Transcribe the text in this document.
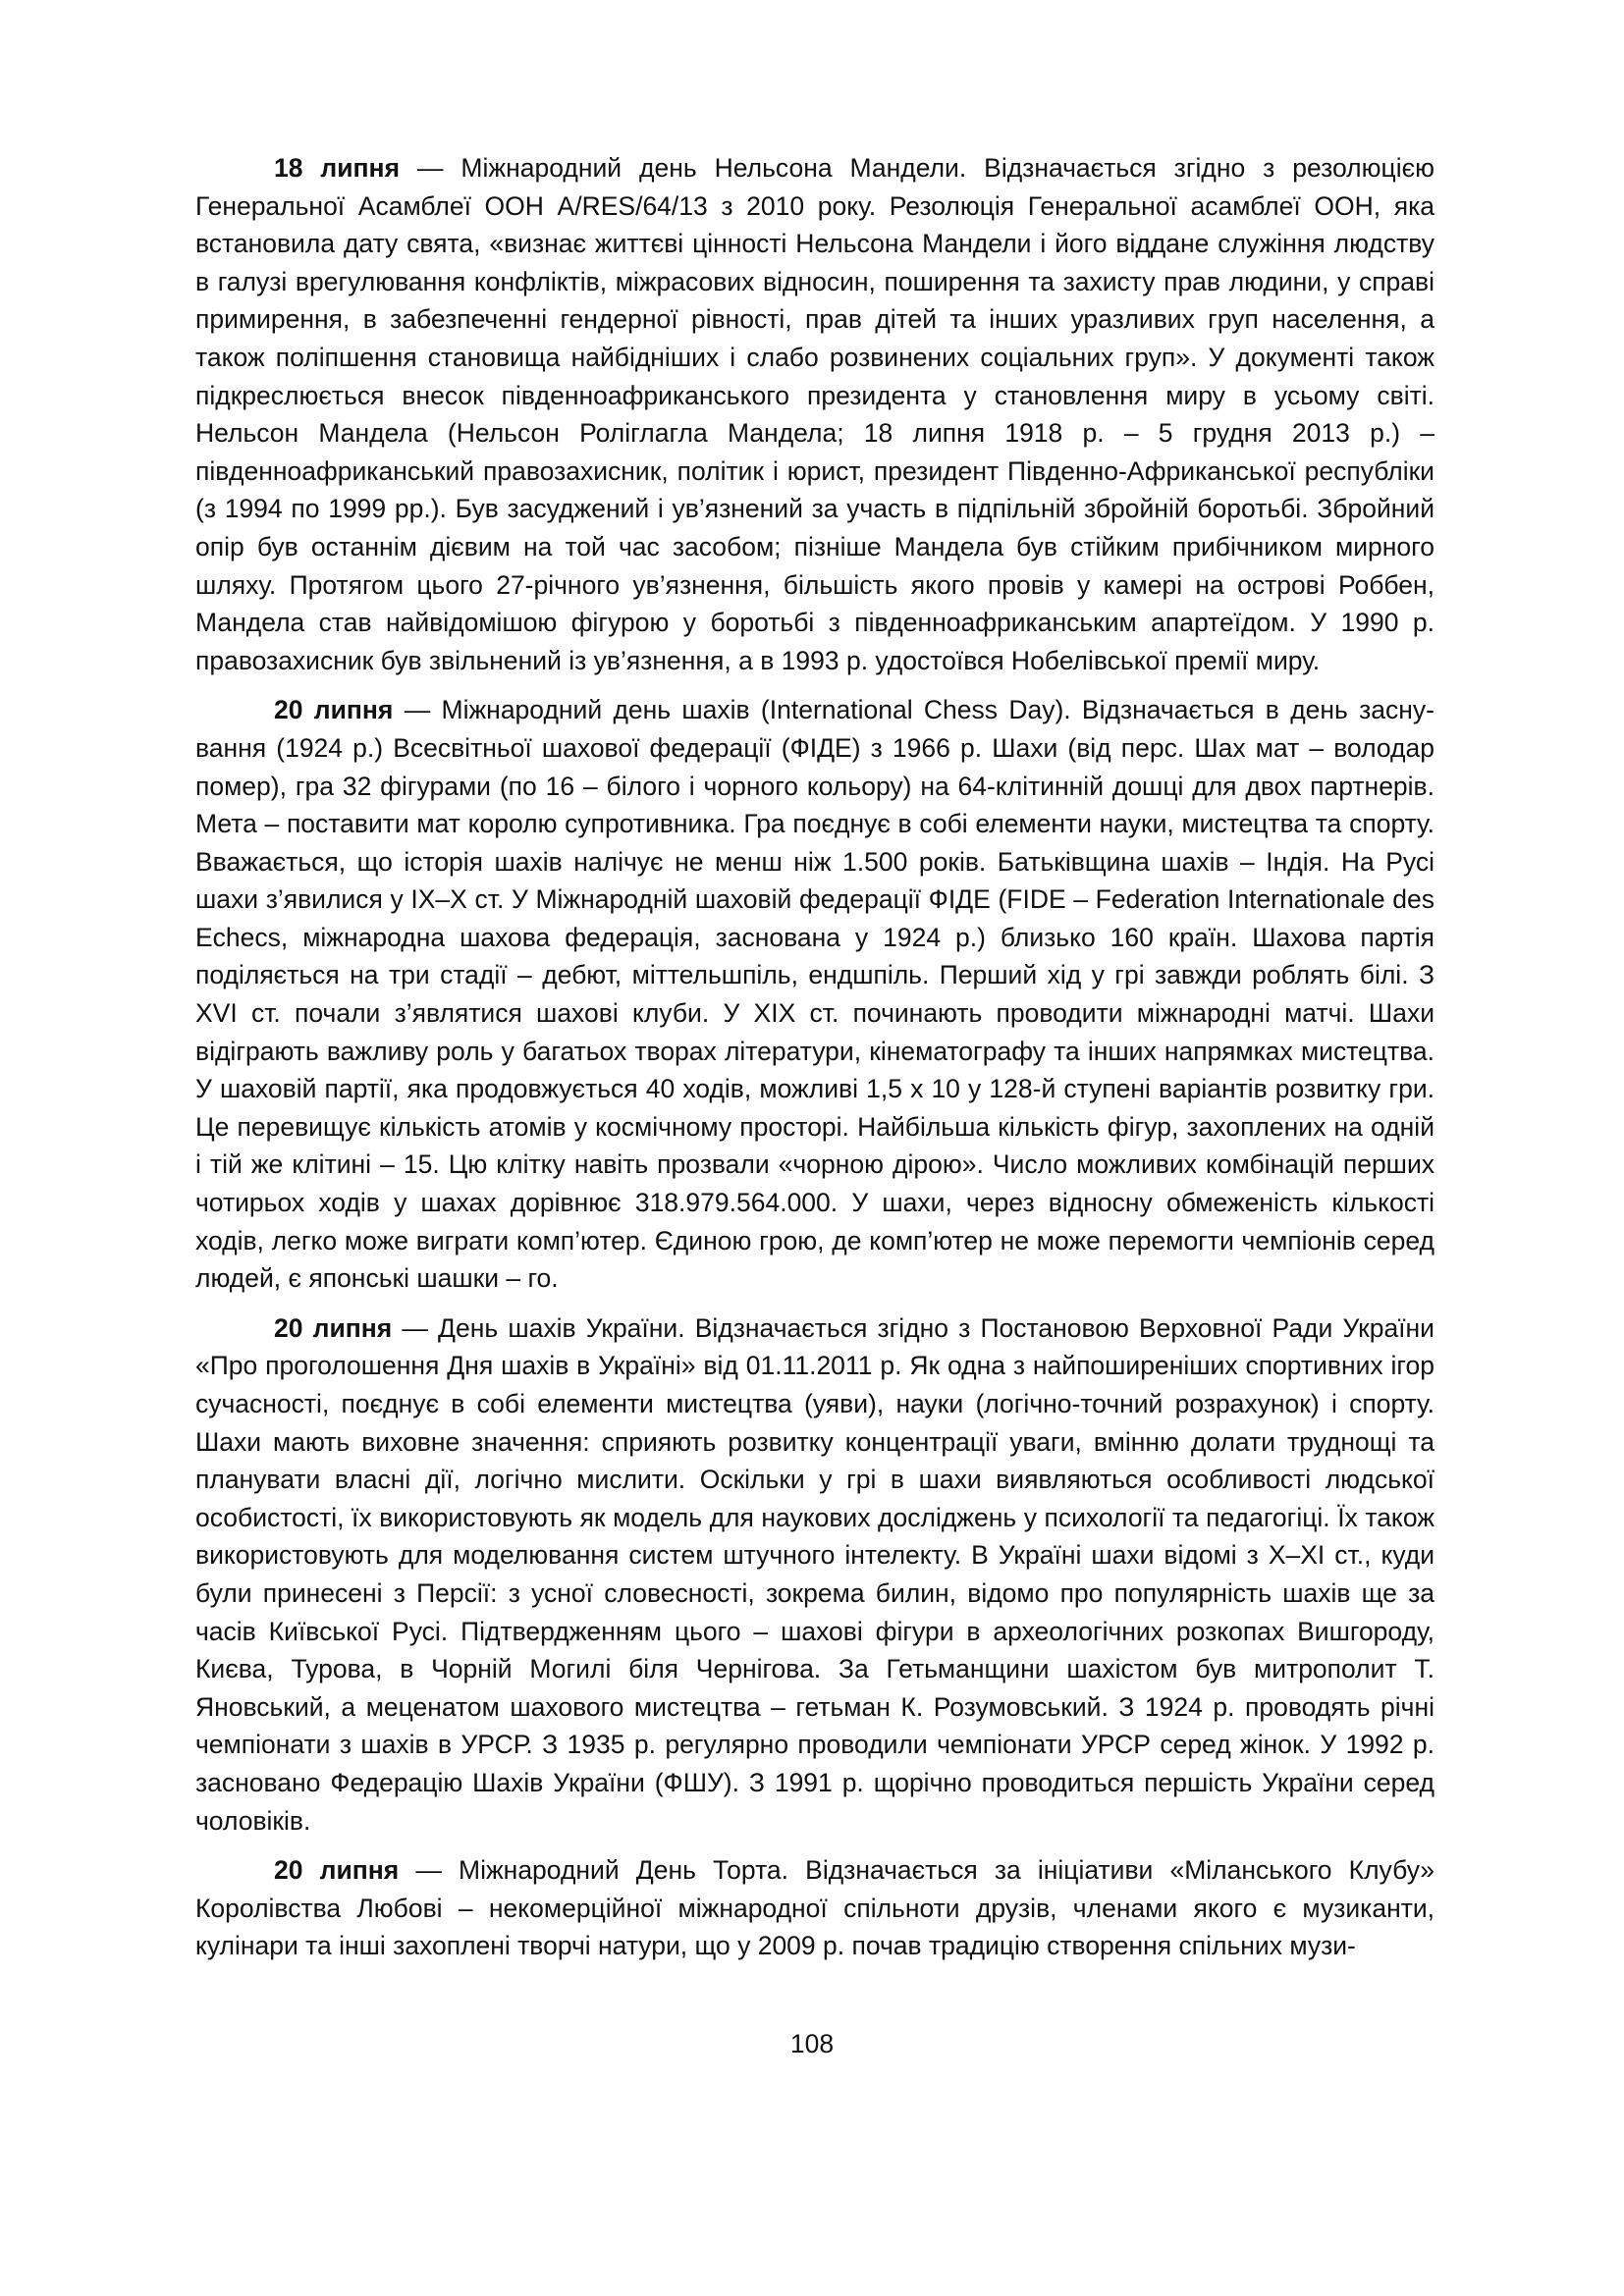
18 липня — Міжнародний день Нельсона Мандели. Відзначається згідно з резолюцією Генеральної Асамблеї ООН A/RES/64/13 з 2010 року. Резолюція Генеральної асамблеї ООН, яка встановила дату свята, «визнає життєві цінності Нельсона Мандели і його віддане служіння людству в галузі врегулювання конфліктів, міжрасових відносин, поширення та захисту прав людини, у справі примирення, в забезпеченні гендерної рівності, прав дітей та інших уразливих груп населення, а також поліпшення становища найбідніших і слабо розвинених соціальних груп». У документі також підкреслюється внесок південноафриканського президента у становлення миру в усьому світі. Нельсон Мандела (Нельсон Роліглагла Мандела; 18 липня 1918 р. – 5 грудня 2013 р.) – південноафриканський правозахисник, політик і юрист, президент Південно-Африканської республіки (з 1994 по 1999 рр.). Був засуджений і ув’язнений за участь в підпільній збройній боротьбі. Збройний опір був останнім дієвим на той час засобом; пізніше Мандела був стійким прибічником мирного шляху. Протягом цього 27-річного ув’язнення, більшість якого провів у камері на острові Роббен, Мандела став найвідомішою фігурою у боротьбі з південноафриканським апартеїдом. У 1990 р. правозахисник був звільнений із ув’язнення, а в 1993 р. удостоївся Нобелівської премії миру.

20 липня — Міжнародний день шахів (International Chess Day). Відзначається в день заснування (1924 р.) Всесвітньої шахової федерації (ФІДЕ) з 1966 р. Шахи (від перс. Шах мат – володар помер), гра 32 фігурами (по 16 – білого і чорного кольору) на 64-клітинній дошці для двох партнерів. Мета – поставити мат королю супротивника. Гра поєднує в собі елементи науки, мистецтва та спорту. Вважається, що історія шахів налічує не менш ніж 1.500 років. Батьківщина шахів – Індія. На Русі шахи з’явилися у IX–X ст. У Міжнародній шаховій федерації ФІДЕ (FIDE – Federation Internationale des Echecs, міжнародна шахова федерація, заснована у 1924 р.) близько 160 країн. Шахова партія поділяється на три стадії – дебют, міттельшпіль, ендшпіль. Перший хід у грі завжди роблять білі. З XVI ст. почали з’являтися шахові клуби. У XIX ст. починають проводити міжнародні матчі. Шахи відіграють важливу роль у багатьох творах літератури, кінематографу та інших напрямках мистецтва. У шаховій партії, яка продовжується 40 ходів, можливі 1,5 х 10 у 128-й ступені варіантів розвитку гри. Це перевищує кількість атомів у космічному просторі. Найбільша кількість фігур, захоплених на одній і тій же клітині – 15. Цю клітку навіть прозвали «чорною дірою». Число можливих комбінацій перших чотирьох ходів у шахах дорівнює 318.979.564.000. У шахи, через відносну обмеженість кількості ходів, легко може виграти комп’ютер. Єдиною грою, де комп’ютер не може перемогти чемпіонів серед людей, є японські шашки – го.

20 липня — День шахів України. Відзначається згідно з Постановою Верховної Ради України «Про проголошення Дня шахів в Україні» від 01.11.2011 р. Як одна з найпоширеніших спортивних ігор сучасності, поєднує в собі елементи мистецтва (уяви), науки (логічно-точний розрахунок) і спорту. Шахи мають виховне значення: сприяють розвитку концентрації уваги, вмінню долати труднощі та планувати власні дії, логічно мислити. Оскільки у грі в шахи виявляються особливості людської особистості, їх використовують як модель для наукових досліджень у психології та педагогіці. Їх також використовують для моделювання систем штучного інтелекту. В Україні шахи відомі з X–XI ст., куди були принесені з Персії: з усної словесності, зокрема билин, відомо про популярність шахів ще за часів Київської Русі. Підтвердженням цього – шахові фігури в археологічних розкопах Вишгороду, Києва, Турова, в Чорній Могилі біля Чернігова. За Гетьманщини шахістом був митрополит Т. Яновський, а меценатом шахового мистецтва – гетьман К. Розумовський. З 1924 р. проводять річні чемпіонати з шахів в УРСР. З 1935 р. регулярно проводили чемпіонати УРСР серед жінок. У 1992 р. засновано Федерацію Шахів України (ФШУ). З 1991 р. щорічно проводиться першість України серед чоловіків.

20 липня — Міжнародний День Торта. Відзначається за ініціативи «Міланського Клубу» Королівства Любові – некомерційної міжнародної спільноти друзів, членами якого є музиканти, кулінари та інші захоплені творчі натури, що у 2009 р. почав традицію створення спільних музи-

108
